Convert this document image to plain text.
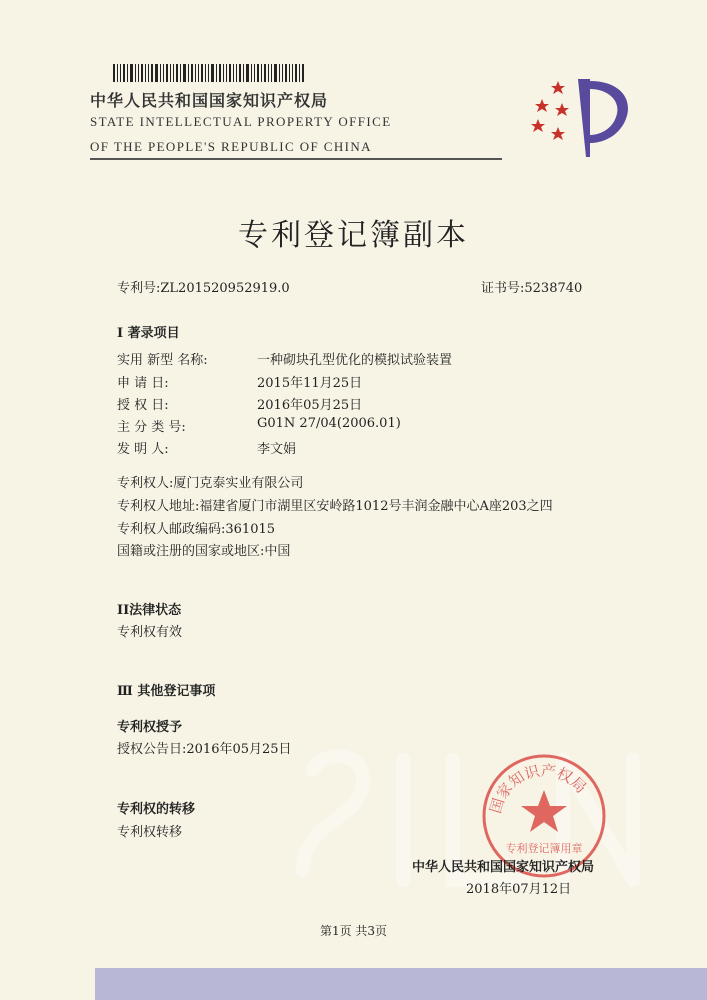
中华人民共和国国家知识产权局
STATE INTELLECTUAL PROPERTY OFFICE
OF THE PEOPLE'S REPUBLIC OF CHINA
专利登记簿副本
专利号:ZL201520952919.0	证书号:5238740
I 著录项目
实用 新型 名称:	一种砌块孔型优化的模拟试验装置
申 请 日:	2015年11月25日
授 权 日:	2016年05月25日
主 分 类 号:	G01N 27/04(2006.01)
发 明 人:	李文娟
专利权人:厦门克泰实业有限公司
专利权人地址:福建省厦门市湖里区安岭路1012号丰润金融中心A座203之四
专利权人邮政编码:361015
国籍或注册的国家或地区:中国
II法律状态
专利权有效
Ⅲ 其他登记事项
专利权授予
授权公告日:2016年05月25日
专利权的转移
专利权转移
国家知识产权局
专利登记簿用章
中华人民共和国国家知识产权局
2018年07月12日
第1页 共3页
